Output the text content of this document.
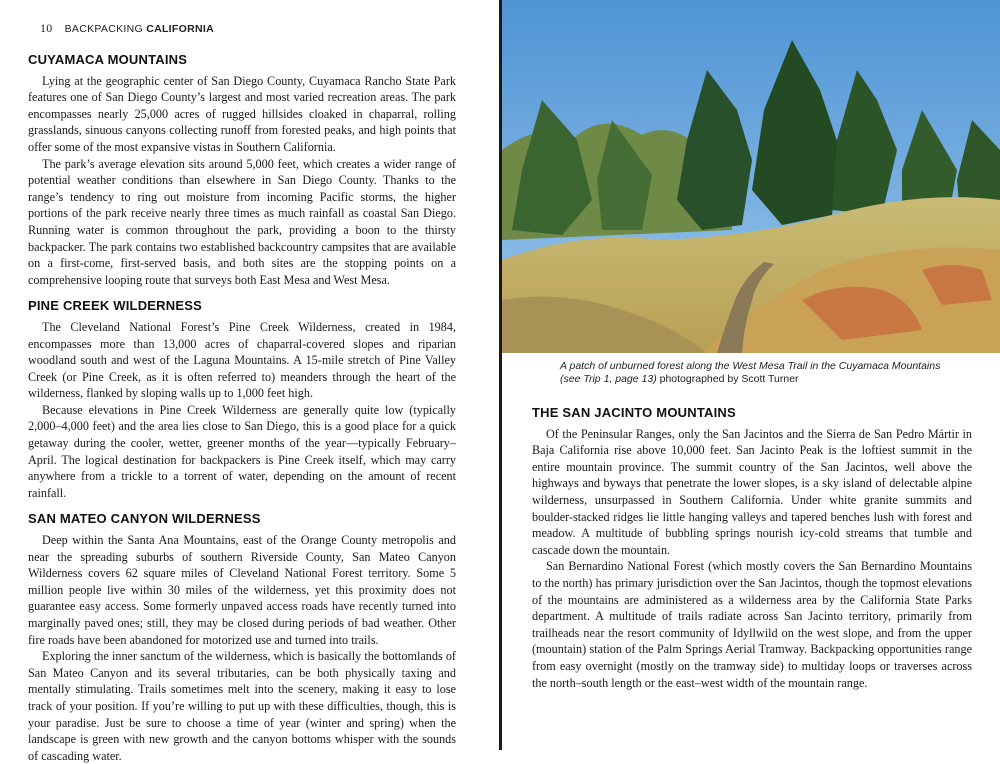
10 BACKPACKING CALIFORNIA
CUYAMACA MOUNTAINS

Lying at the geographic center of San Diego County, Cuyamaca Rancho State Park features one of San Diego County’s largest and most varied recreation areas. The park encompasses nearly 25,000 acres of rugged hillsides cloaked in chaparral, rolling grasslands, sinuous canyons collecting runoff from forested peaks, and high points that offer some of the most expansive vistas in Southern California.

The park’s average elevation sits around 5,000 feet, which creates a wider range of potential weather conditions than elsewhere in San Diego County. Thanks to the range’s tendency to ring out moisture from incoming Pacific storms, the higher portions of the park receive nearly three times as much rainfall as coastal San Diego. Running water is common throughout the park, providing a boon to the thirsty backpacker. The park contains two established backcountry campsites that are available on a first-come, first-served basis, and both sites are the stopping points on a comprehensive looping route that surveys both East Mesa and West Mesa.

PINE CREEK WILDERNESS

The Cleveland National Forest’s Pine Creek Wilderness, created in 1984, encompasses more than 13,000 acres of chaparral-covered slopes and riparian woodland south and west of the Laguna Mountains. A 15-mile stretch of Pine Valley Creek (or Pine Creek, as it is often referred to) meanders through the heart of the wilderness, flanked by sloping walls up to 1,000 feet high.

Because elevations in Pine Creek Wilderness are generally quite low (typically 2,000–4,000 feet) and the area lies close to San Diego, this is a good place for a quick getaway during the cooler, wetter, greener months of the year—typically February–April. The logical destination for backpackers is Pine Creek itself, which may carry anywhere from a trickle to a torrent of water, depending on the amount of recent rainfall.

SAN MATEO CANYON WILDERNESS

Deep within the Santa Ana Mountains, east of the Orange County metropolis and near the spreading suburbs of southern Riverside County, San Mateo Canyon Wilderness covers 62 square miles of Cleveland National Forest territory. Some 5 million people live within 30 miles of the wilderness, yet this proximity does not guarantee easy access. Some formerly unpaved access roads have recently turned into marginally paved ones; still, they may be closed during periods of bad weather. Other fire roads have been abandoned for motorized use and turned into trails.

Exploring the inner sanctum of the wilderness, which is basically the bottomlands of San Mateo Canyon and its several tributaries, can be both physically taxing and mentally stimulating. Trails sometimes melt into the scenery, making it easy to lose track of your position. If you’re willing to put up with these difficulties, though, this is your paradise. Just be sure to choose a time of year (winter and spring) when the landscape is green with new growth and the canyon bottoms whisper with the sounds of cascading water.

A patch of unburned forest along the West Mesa Trail in the Cuyamaca Mountains (see Trip 1, page 13) photographed by Scott Turner
THE SAN JACINTO MOUNTAINS

Of the Peninsular Ranges, only the San Jacintos and the Sierra de San Pedro Mártir in Baja California rise above 10,000 feet. San Jacinto Peak is the loftiest summit in the entire mountain province. The summit country of the San Jacintos, well above the highways and byways that penetrate the lower slopes, is a sky island of delectable alpine wilderness, unsurpassed in Southern California. Under white granite summits and boulder-stacked ridges lie little hanging valleys and tapered benches lush with forest and meadow. A multitude of bubbling springs nourish icy-cold streams that tumble and cascade down the mountain.

San Bernardino National Forest (which mostly covers the San Bernardino Mountains to the north) has primary jurisdiction over the San Jacintos, though the topmost elevations of the mountains are administered as a wilderness area by the California State Parks department. A multitude of trails radiate across San Jacinto territory, primarily from trailheads near the resort community of Idyllwild on the west slope, and from the upper (mountain) station of the Palm Springs Aerial Tramway. Backpacking opportunities range from easy overnight (mostly on the tramway side) to multiday loops or traverses across the north–south length or the east–west width of the mountain range.
